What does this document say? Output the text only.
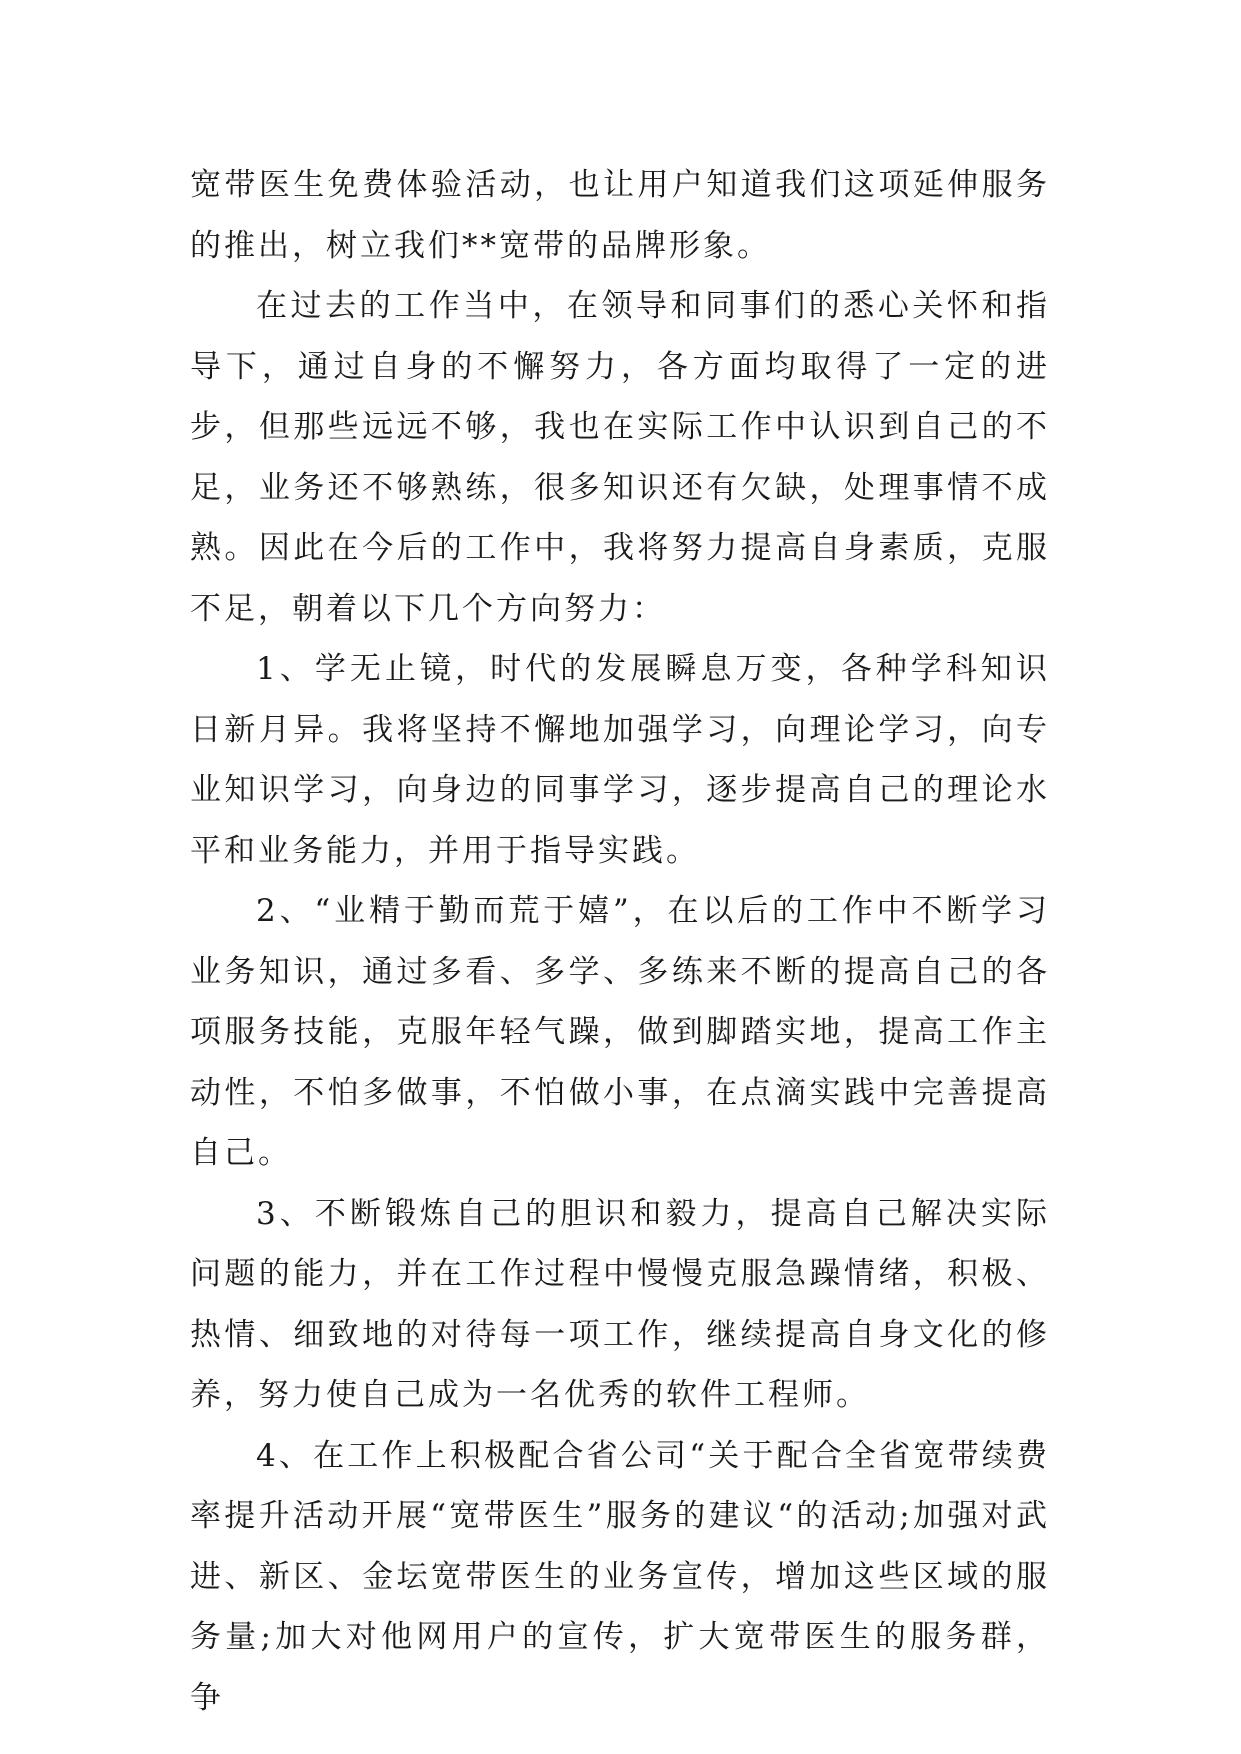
宽带医生免费体验活动，也让用户知道我们这项延伸服务的推出，树立我们**宽带的品牌形象。

在过去的工作当中，在领导和同事们的悉心关怀和指导下，通过自身的不懈努力，各方面均取得了一定的进步，但那些远远不够，我也在实际工作中认识到自己的不足，业务还不够熟练，很多知识还有欠缺，处理事情不成熟。因此在今后的工作中，我将努力提高自身素质，克服不足，朝着以下几个方向努力：

1、学无止镜，时代的发展瞬息万变，各种学科知识日新月异。我将坚持不懈地加强学习，向理论学习，向专业知识学习，向身边的同事学习，逐步提高自己的理论水平和业务能力，并用于指导实践。

2、“业精于勤而荒于嬉”，在以后的工作中不断学习业务知识，通过多看、多学、多练来不断的提高自己的各项服务技能，克服年轻气躁，做到脚踏实地，提高工作主动性，不怕多做事，不怕做小事，在点滴实践中完善提高自己。

3、不断锻炼自己的胆识和毅力，提高自己解决实际问题的能力，并在工作过程中慢慢克服急躁情绪，积极、热情、细致地的对待每一项工作，继续提高自身文化的修养，努力使自己成为一名优秀的软件工程师。

4、在工作上积极配合省公司“关于配合全省宽带续费率提升活动开展“宽带医生”服务的建议“的活动;加强对武进、新区、金坛宽带医生的业务宣传，增加这些区域的服务量;加大对他网用户的宣传，扩大宽带医生的服务群，争
